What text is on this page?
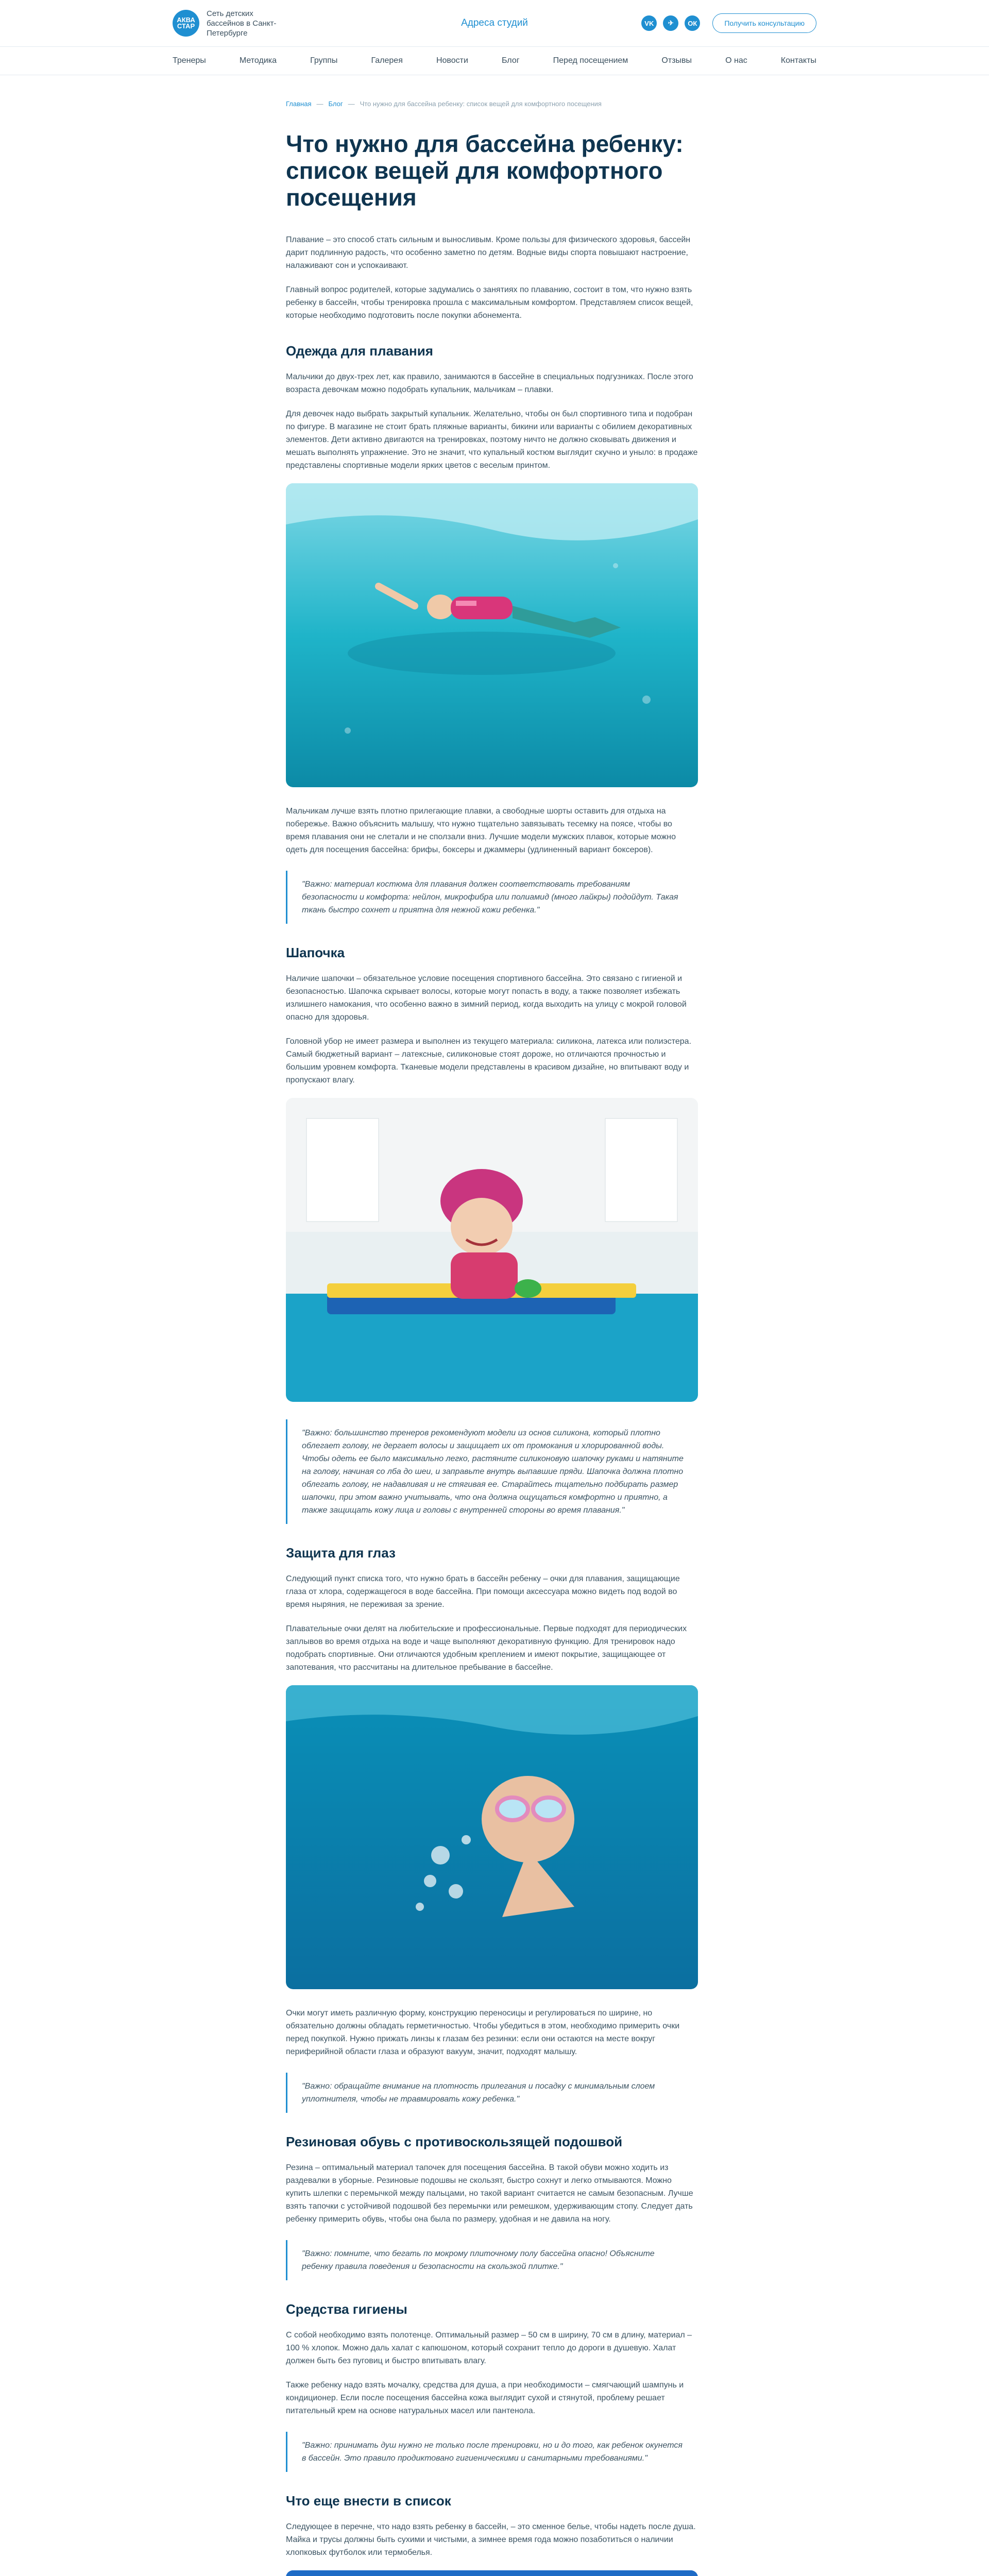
АКВА СТАР
Сеть детских бассейнов в Санкт-Петербурге
Адреса студий	VK	✈	ОК	Получить консультацию
Тренеры	Методика	Группы	Галерея	Новости	Блог	Перед посещением	Отзывы	О нас	Контакты
Главная — Блог — Что нужно для бассейна ребенку: список вещей для комфортного посещения
Что нужно для бассейна ребенку: список вещей для комфортного посещения

Плавание – это способ стать сильным и выносливым. Кроме пользы для физического здоровья, бассейн дарит подлинную радость, что особенно заметно по детям. Водные виды спорта повышают настроение, налаживают сон и успокаивают.

Главный вопрос родителей, которые задумались о занятиях по плаванию, состоит в том, что нужно взять ребенку в бассейн, чтобы тренировка прошла с максимальным комфортом. Представляем список вещей, которые необходимо подготовить после покупки абонемента.

Одежда для плавания

Мальчики до двух-трех лет, как правило, занимаются в бассейне в специальных подгузниках. После этого возраста девочкам можно подобрать купальник, мальчикам – плавки.

Для девочек надо выбрать закрытый купальник. Желательно, чтобы он был спортивного типа и подобран по фигуре. В магазине не стоит брать пляжные варианты, бикини или варианты с обилием декоративных элементов. Дети активно двигаются на тренировках, поэтому ничто не должно сковывать движения и мешать выполнять упражнение. Это не значит, что купальный костюм выглядит скучно и уныло: в продаже представлены спортивные модели ярких цветов с веселым принтом.

Мальчикам лучше взять плотно прилегающие плавки, а свободные шорты оставить для отдыха на побережье. Важно объяснить малышу, что нужно тщательно завязывать тесемку на поясе, чтобы во время плавания они не слетали и не сползали вниз. Лучшие модели мужских плавок, которые можно одеть для посещения бассейна: брифы, боксеры и джаммеры (удлиненный вариант боксеров).

"Важно: материал костюма для плавания должен соответствовать требованиям безопасности и комфорта: нейлон, микрофибра или полиамид (много лайкры) подойдут. Такая ткань быстро сохнет и приятна для нежной кожи ребенка."
Шапочка

Наличие шапочки – обязательное условие посещения спортивного бассейна. Это связано с гигиеной и безопасностью. Шапочка скрывает волосы, которые могут попасть в воду, а также позволяет избежать излишнего намокания, что особенно важно в зимний период, когда выходить на улицу с мокрой головой опасно для здоровья.

Головной убор не имеет размера и выполнен из текущего материала: силикона, латекса или полиэстера. Самый бюджетный вариант – латексные, силиконовые стоят дороже, но отличаются прочностью и большим уровнем комфорта. Тканевые модели представлены в красивом дизайне, но впитывают воду и пропускают влагу.

"Важно: большинство тренеров рекомендуют модели из основ силикона, который плотно облегает голову, не дергает волосы и защищает их от промокания и хлорированной воды. Чтобы одеть ее было максимально легко, растяните силиконовую шапочку руками и натяните на голову, начиная со лба до шеи, и заправьте внутрь выпавшие пряди. Шапочка должна плотно облегать голову, не надавливая и не стягивая ее. Старайтесь тщательно подбирать размер шапочки, при этом важно учитывать, что она должна ощущаться комфортно и приятно, а также защищать кожу лица и головы с внутренней стороны во время плавания."
Защита для глаз

Следующий пункт списка того, что нужно брать в бассейн ребенку – очки для плавания, защищающие глаза от хлора, содержащегося в воде бассейна. При помощи аксессуара можно видеть под водой во время ныряния, не переживая за зрение.

Плавательные очки делят на любительские и профессиональные. Первые подходят для периодических заплывов во время отдыха на воде и чаще выполняют декоративную функцию. Для тренировок надо подобрать спортивные. Они отличаются удобным креплением и имеют покрытие, защищающее от запотевания, что рассчитаны на длительное пребывание в бассейне.

Очки могут иметь различную форму, конструкцию переносицы и регулироваться по ширине, но обязательно должны обладать герметичностью. Чтобы убедиться в этом, необходимо примерить очки перед покупкой. Нужно прижать линзы к глазам без резинки: если они остаются на месте вокруг периферийной области глаза и образуют вакуум, значит, подходят малышу.

"Важно: обращайте внимание на плотность прилегания и посадку с минимальным слоем уплотнителя, чтобы не травмировать кожу ребенка."
Резиновая обувь с противоскользящей подошвой

Резина – оптимальный материал тапочек для посещения бассейна. В такой обуви можно ходить из раздевалки в уборные. Резиновые подошвы не скользят, быстро сохнут и легко отмываются. Можно купить шлепки с перемычкой между пальцами, но такой вариант считается не самым безопасным. Лучше взять тапочки с устойчивой подошвой без перемычки или ремешком, удерживающим стопу. Следует дать ребенку примерить обувь, чтобы она была по размеру, удобная и не давила на ногу.

"Важно: помните, что бегать по мокрому плиточному полу бассейна опасно! Объясните ребенку правила поведения и безопасности на скользкой плитке."
Средства гигиены

С собой необходимо взять полотенце. Оптимальный размер – 50 см в ширину, 70 см в длину, материал – 100 % хлопок. Можно даль халат с капюшоном, который сохранит тепло до дороги в душевую. Халат должен быть без пуговиц и быстро впитывать влагу.

Также ребенку надо взять мочалку, средства для душа, а при необходимости – смягчающий шампунь и кондиционер. Если после посещения бассейна кожа выглядит сухой и стянутой, проблему решает питательный крем на основе натуральных масел или пантенола.

"Важно: принимать душ нужно не только после тренировки, но и до того, как ребенок окунется в бассейн. Это правило продиктовано гигиеническими и санитарными требованиями."
Что еще внести в список

Следующее в перечне, что надо взять ребенку в бассейн, – это сменное белье, чтобы надеть после душа. Майка и трусы должны быть сухими и чистыми, а зимнее время года можно позаботиться о наличии хлопковых футболок или термобелья.
